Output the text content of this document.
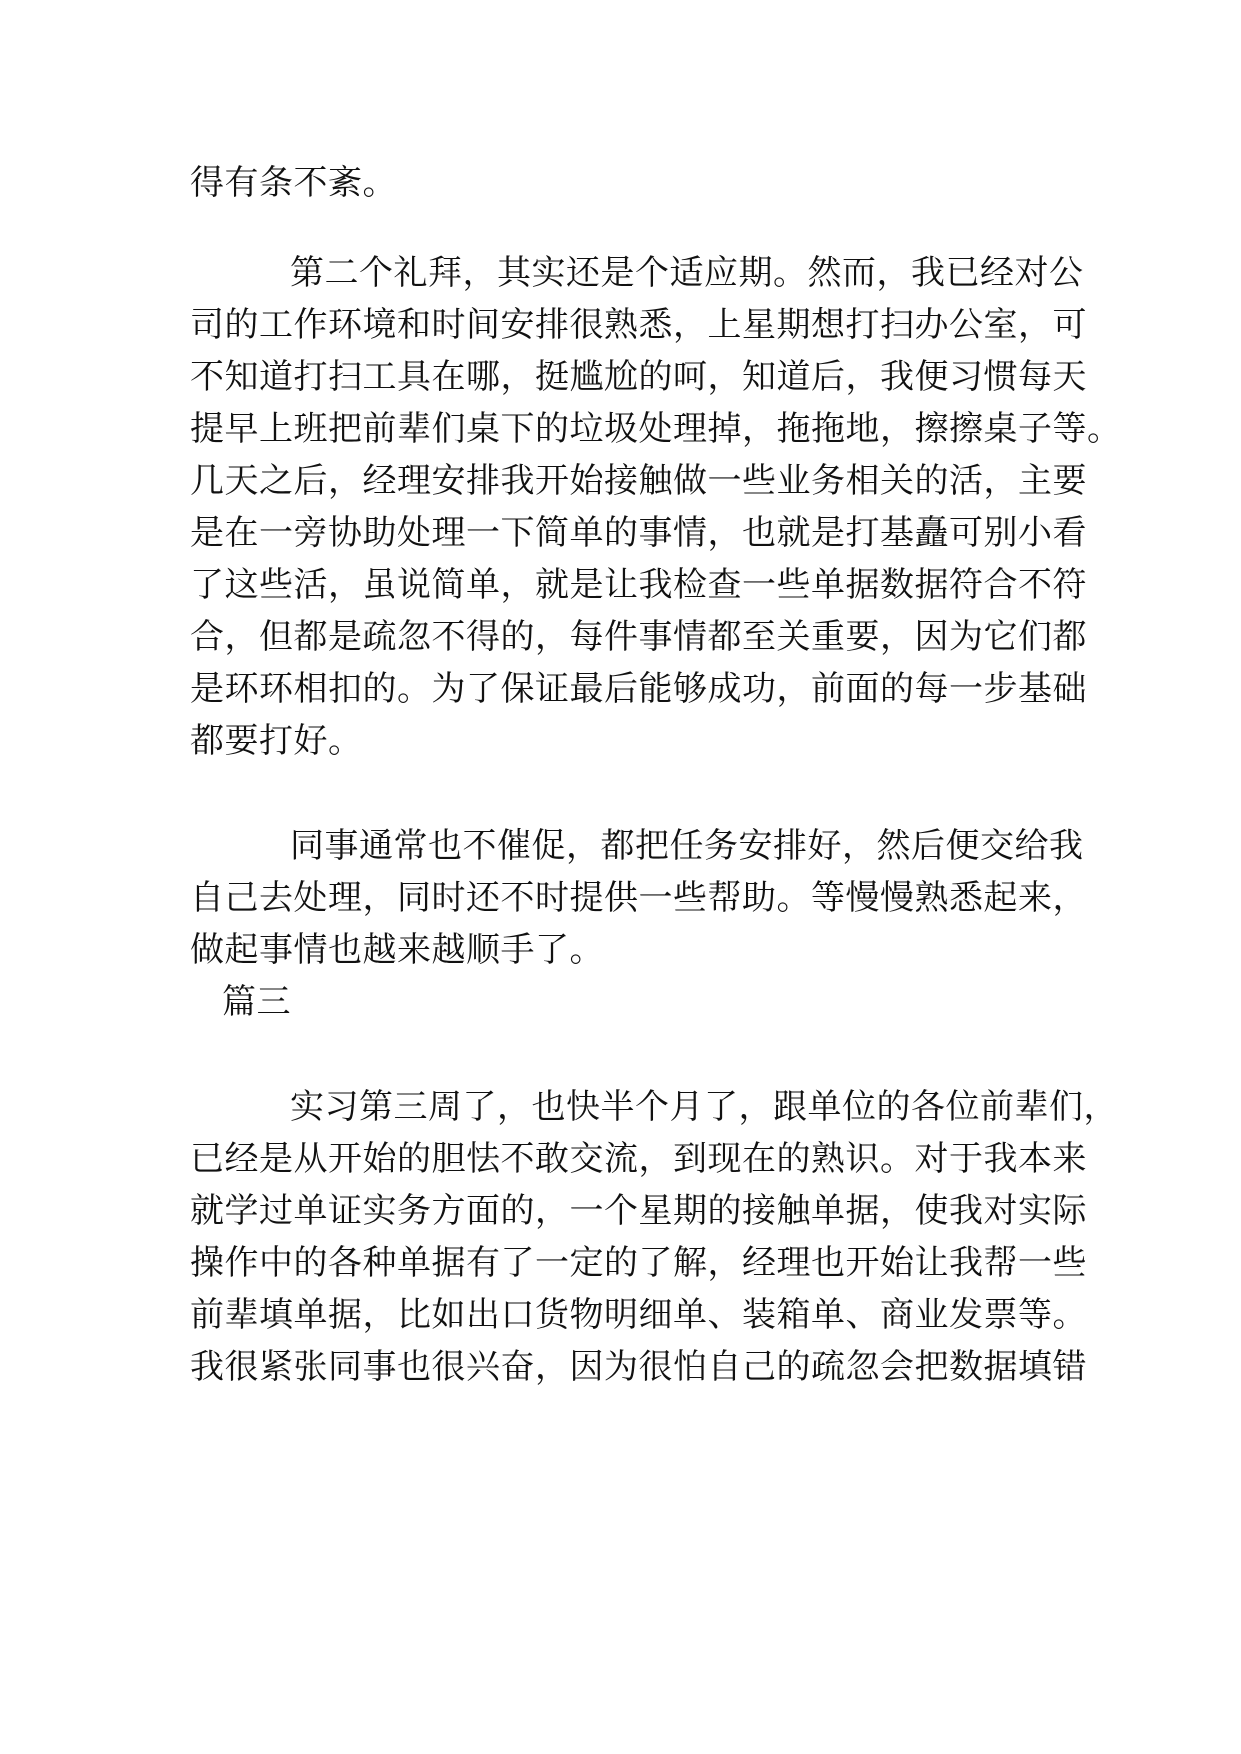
得有条不紊。
第二个礼拜，其实还是个适应期。然而，我已经对公
司的工作环境和时间安排很熟悉，上星期想打扫办公室，可
不知道打扫工具在哪，挺尴尬的呵，知道后，我便习惯每天
提早上班把前辈们桌下的垃圾处理掉，拖拖地，擦擦桌子等。
几天之后，经理安排我开始接触做一些业务相关的活，主要
是在一旁协助处理一下简单的事情，也就是打基矗可别小看
了这些活，虽说简单，就是让我检查一些单据数据符合不符
合，但都是疏忽不得的，每件事情都至关重要，因为它们都
是环环相扣的。为了保证最后能够成功，前面的每一步基础
都要打好。
同事通常也不催促，都把任务安排好，然后便交给我
自己去处理，同时还不时提供一些帮助。等慢慢熟悉起来，
做起事情也越来越顺手了。
篇三
实习第三周了，也快半个月了，跟单位的各位前辈们，
已经是从开始的胆怯不敢交流，到现在的熟识。对于我本来
就学过单证实务方面的，一个星期的接触单据，使我对实际
操作中的各种单据有了一定的了解，经理也开始让我帮一些
前辈填单据，比如出口货物明细单、装箱单、商业发票等。
我很紧张同事也很兴奋，因为很怕自己的疏忽会把数据填错
